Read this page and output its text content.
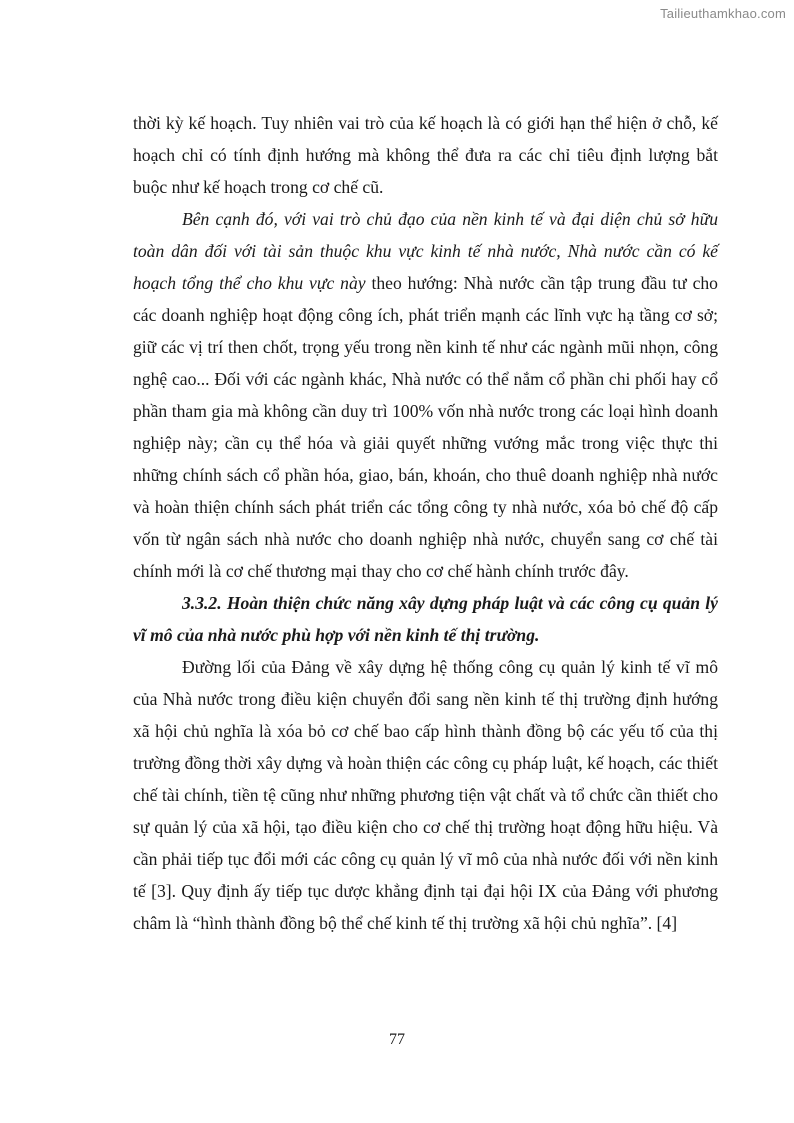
Tailieuthamkhao.com

thời kỳ kế hoạch. Tuy nhiên vai trò của kế hoạch là có giới hạn thể hiện ở chỗ, kế hoạch chỉ có tính định hướng mà không thể đưa ra các chỉ tiêu định lượng bắt buộc như kế hoạch trong cơ chế cũ.

Bên cạnh đó, với vai trò chủ đạo của nền kinh tế và đại diện chủ sở hữu toàn dân đối với tài sản thuộc khu vực kinh tế nhà nước, Nhà nước cần có kế hoạch tổng thể cho khu vực này theo hướng: Nhà nước cần tập trung đầu tư cho các doanh nghiệp hoạt động công ích, phát triển mạnh các lĩnh vực hạ tầng cơ sở; giữ các vị trí then chốt, trọng yếu trong nền kinh tế như các ngành mũi nhọn, công nghệ cao... Đối với các ngành khác, Nhà nước có thể nắm cổ phần chi phối hay cổ phần tham gia mà không cần duy trì 100% vốn nhà nước trong các loại hình doanh nghiệp này; cần cụ thể hóa và giải quyết những vướng mắc trong việc thực thi những chính sách cổ phần hóa, giao, bán, khoán, cho thuê doanh nghiệp nhà nước và hoàn thiện chính sách phát triển các tổng công ty nhà nước, xóa bỏ chế độ cấp vốn từ ngân sách nhà nước cho doanh nghiệp nhà nước, chuyển sang cơ chế tài chính mới là cơ chế thương mại thay cho cơ chế hành chính trước đây.

3.3.2. Hoàn thiện chức năng xây dựng pháp luật và các công cụ quản lý vĩ mô của nhà nước phù hợp với nền kinh tế thị trường.

Đường lối của Đảng về xây dựng hệ thống công cụ quản lý kinh tế vĩ mô của Nhà nước trong điều kiện chuyển đổi sang nền kinh tế thị trường định hướng xã hội chủ nghĩa là xóa bỏ cơ chế bao cấp hình thành đồng bộ các yếu tố của thị trường đồng thời xây dựng và hoàn thiện các công cụ pháp luật, kế hoạch, các thiết chế tài chính, tiền tệ cũng như những phương tiện vật chất và tổ chức cần thiết cho sự quản lý của xã hội, tạo điều kiện cho cơ chế thị trường hoạt động hữu hiệu. Và cần phải tiếp tục đổi mới các công cụ quản lý vĩ mô của nhà nước đối với nền kinh tế [3]. Quy định ấy tiếp tục dược khẳng định tại đại hội IX của Đảng với phương châm là “hình thành đồng bộ thể chế kinh tế thị trường xã hội chủ nghĩa”. [4]

77
